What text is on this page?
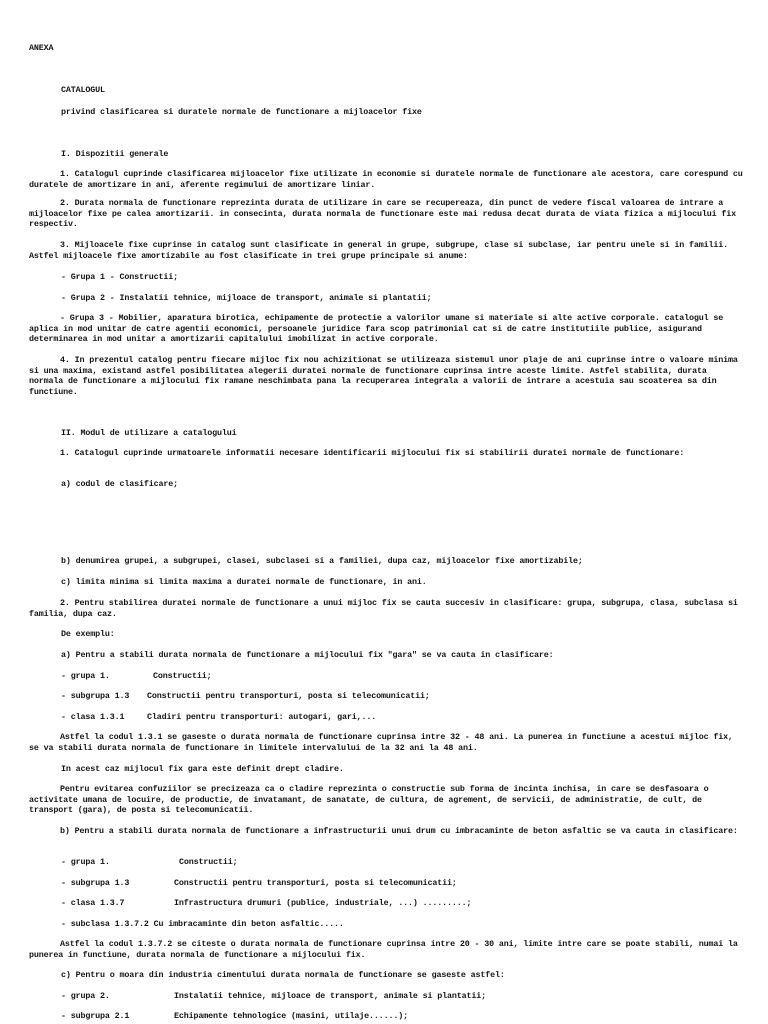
ANEXA
CATALOGUL
privind clasificarea si duratele normale de functionare a mijloacelor fixe
I. Dispozitii generale
1. Catalogul cuprinde clasificarea mijloacelor fixe utilizate in economie si duratele normale de functionare ale acestora, care corespund cu duratele de amortizare in ani, aferente regimului de amortizare liniar.
2. Durata normala de functionare reprezinta durata de utilizare in care se recupereaza, din punct de vedere fiscal valoarea de intrare a mijloacelor fixe pe calea amortizarii. in consecinta, durata normala de functionare este mai redusa decat durata de viata fizica a mijlocului fix respectiv.
3. Mijloacele fixe cuprinse in catalog sunt clasificate in general in grupe, subgrupe, clase si subclase, iar pentru unele si in familii. Astfel mijloacele fixe amortizabile au fost clasificate in trei grupe principale si anume:
- Grupa 1 - Constructii;
- Grupa 2 - Instalatii tehnice, mijloace de transport, animale si plantatii;
- Grupa 3 - Mobilier, aparatura birotica, echipamente de protectie a valorilor umane si materiale si alte active corporale. catalogul se aplica in mod unitar de catre agentii economici, persoanele juridice fara scop patrimonial cat si de catre institutiile publice, asigurand determinarea in mod unitar a amortizarii capitalului imobilizat in active corporale.
4. In prezentul catalog pentru fiecare mijloc fix nou achizitionat se utilizeaza sistemul unor plaje de ani cuprinse intre o valoare minima si una maxima, existand astfel posibilitatea alegerii duratei normale de functionare cuprinsa intre aceste limite. Astfel stabilita, durata normala de functionare a mijlocului fix ramane neschimbata pana la recuperarea integrala a valorii de intrare a acestuia sau scoaterea sa din functiune.
II. Modul de utilizare a catalogului
1. Catalogul cuprinde urmatoarele informatii necesare identificarii mijlocului fix si stabilirii duratei normale de functionare:
a) codul de clasificare;
b) denumirea grupei, a subgrupei, clasei, subclasei si a familiei, dupa caz, mijloacelor fixe amortizabile;
c) limita minima si limita maxima a duratei normale de functionare, in ani.
2. Pentru stabilirea duratei normale de functionare a unui mijloc fix se cauta succesiv in clasificare: grupa, subgrupa, clasa, subclasa si familia, dupa caz.
De exemplu:
a) Pentru a stabili durata normala de functionare a mijlocului fix "gara" se va cauta in clasificare:
- grupa 1.	Constructii;
- subgrupa 1.3 Constructii pentru transporturi, posta si telecomunicatii;
- clasa 1.3.1	Cladiri pentru transporturi: autogari, gari,...
Astfel la codul 1.3.1 se gaseste o durata normala de functionare cuprinsa intre 32 - 48 ani. La punerea in functiune a acestui mijloc fix, se va stabili durata normala de functionare in limitele intervalului de la 32 ani la 48 ani.
In acest caz mijlocul fix gara este definit drept cladire.
Pentru evitarea confuziilor se precizeaza ca o cladire reprezinta o constructie sub forma de incinta inchisa, in care se desfasoara o activitate umana de locuire, de productie, de invatamant, de sanatate, de cultura, de agrement, de servicii, de administratie, de cult, de transport (gara), de posta si telecomunicatii.
b) Pentru a stabili durata normala de functionare a infrastructurii unui drum cu imbracaminte de beton asfaltic se va cauta in clasificare:
- grupa 1.	Constructii;
- subgrupa 1.3	Constructii pentru transporturi, posta si telecomunicatii;
- clasa 1.3.7	Infrastructura drumuri (publice, industriale, ...) .........;
- subclasa 1.3.7.2 Cu imbracaminte din beton asfaltic.....
Astfel la codul 1.3.7.2 se citeste o durata normala de functionare cuprinsa intre 20 - 30 ani, limite intre care se poate stabili, numai la punerea in functiune, durata normala de functionare a mijlocului fix.
c) Pentru o moara din industria cimentului durata normala de functionare se gaseste astfel:
- grupa 2.	Instalatii tehnice, mijloace de transport, animale si plantatii;
- subgrupa 2.1	Echipamente tehnologice (masini, utilaje......);
